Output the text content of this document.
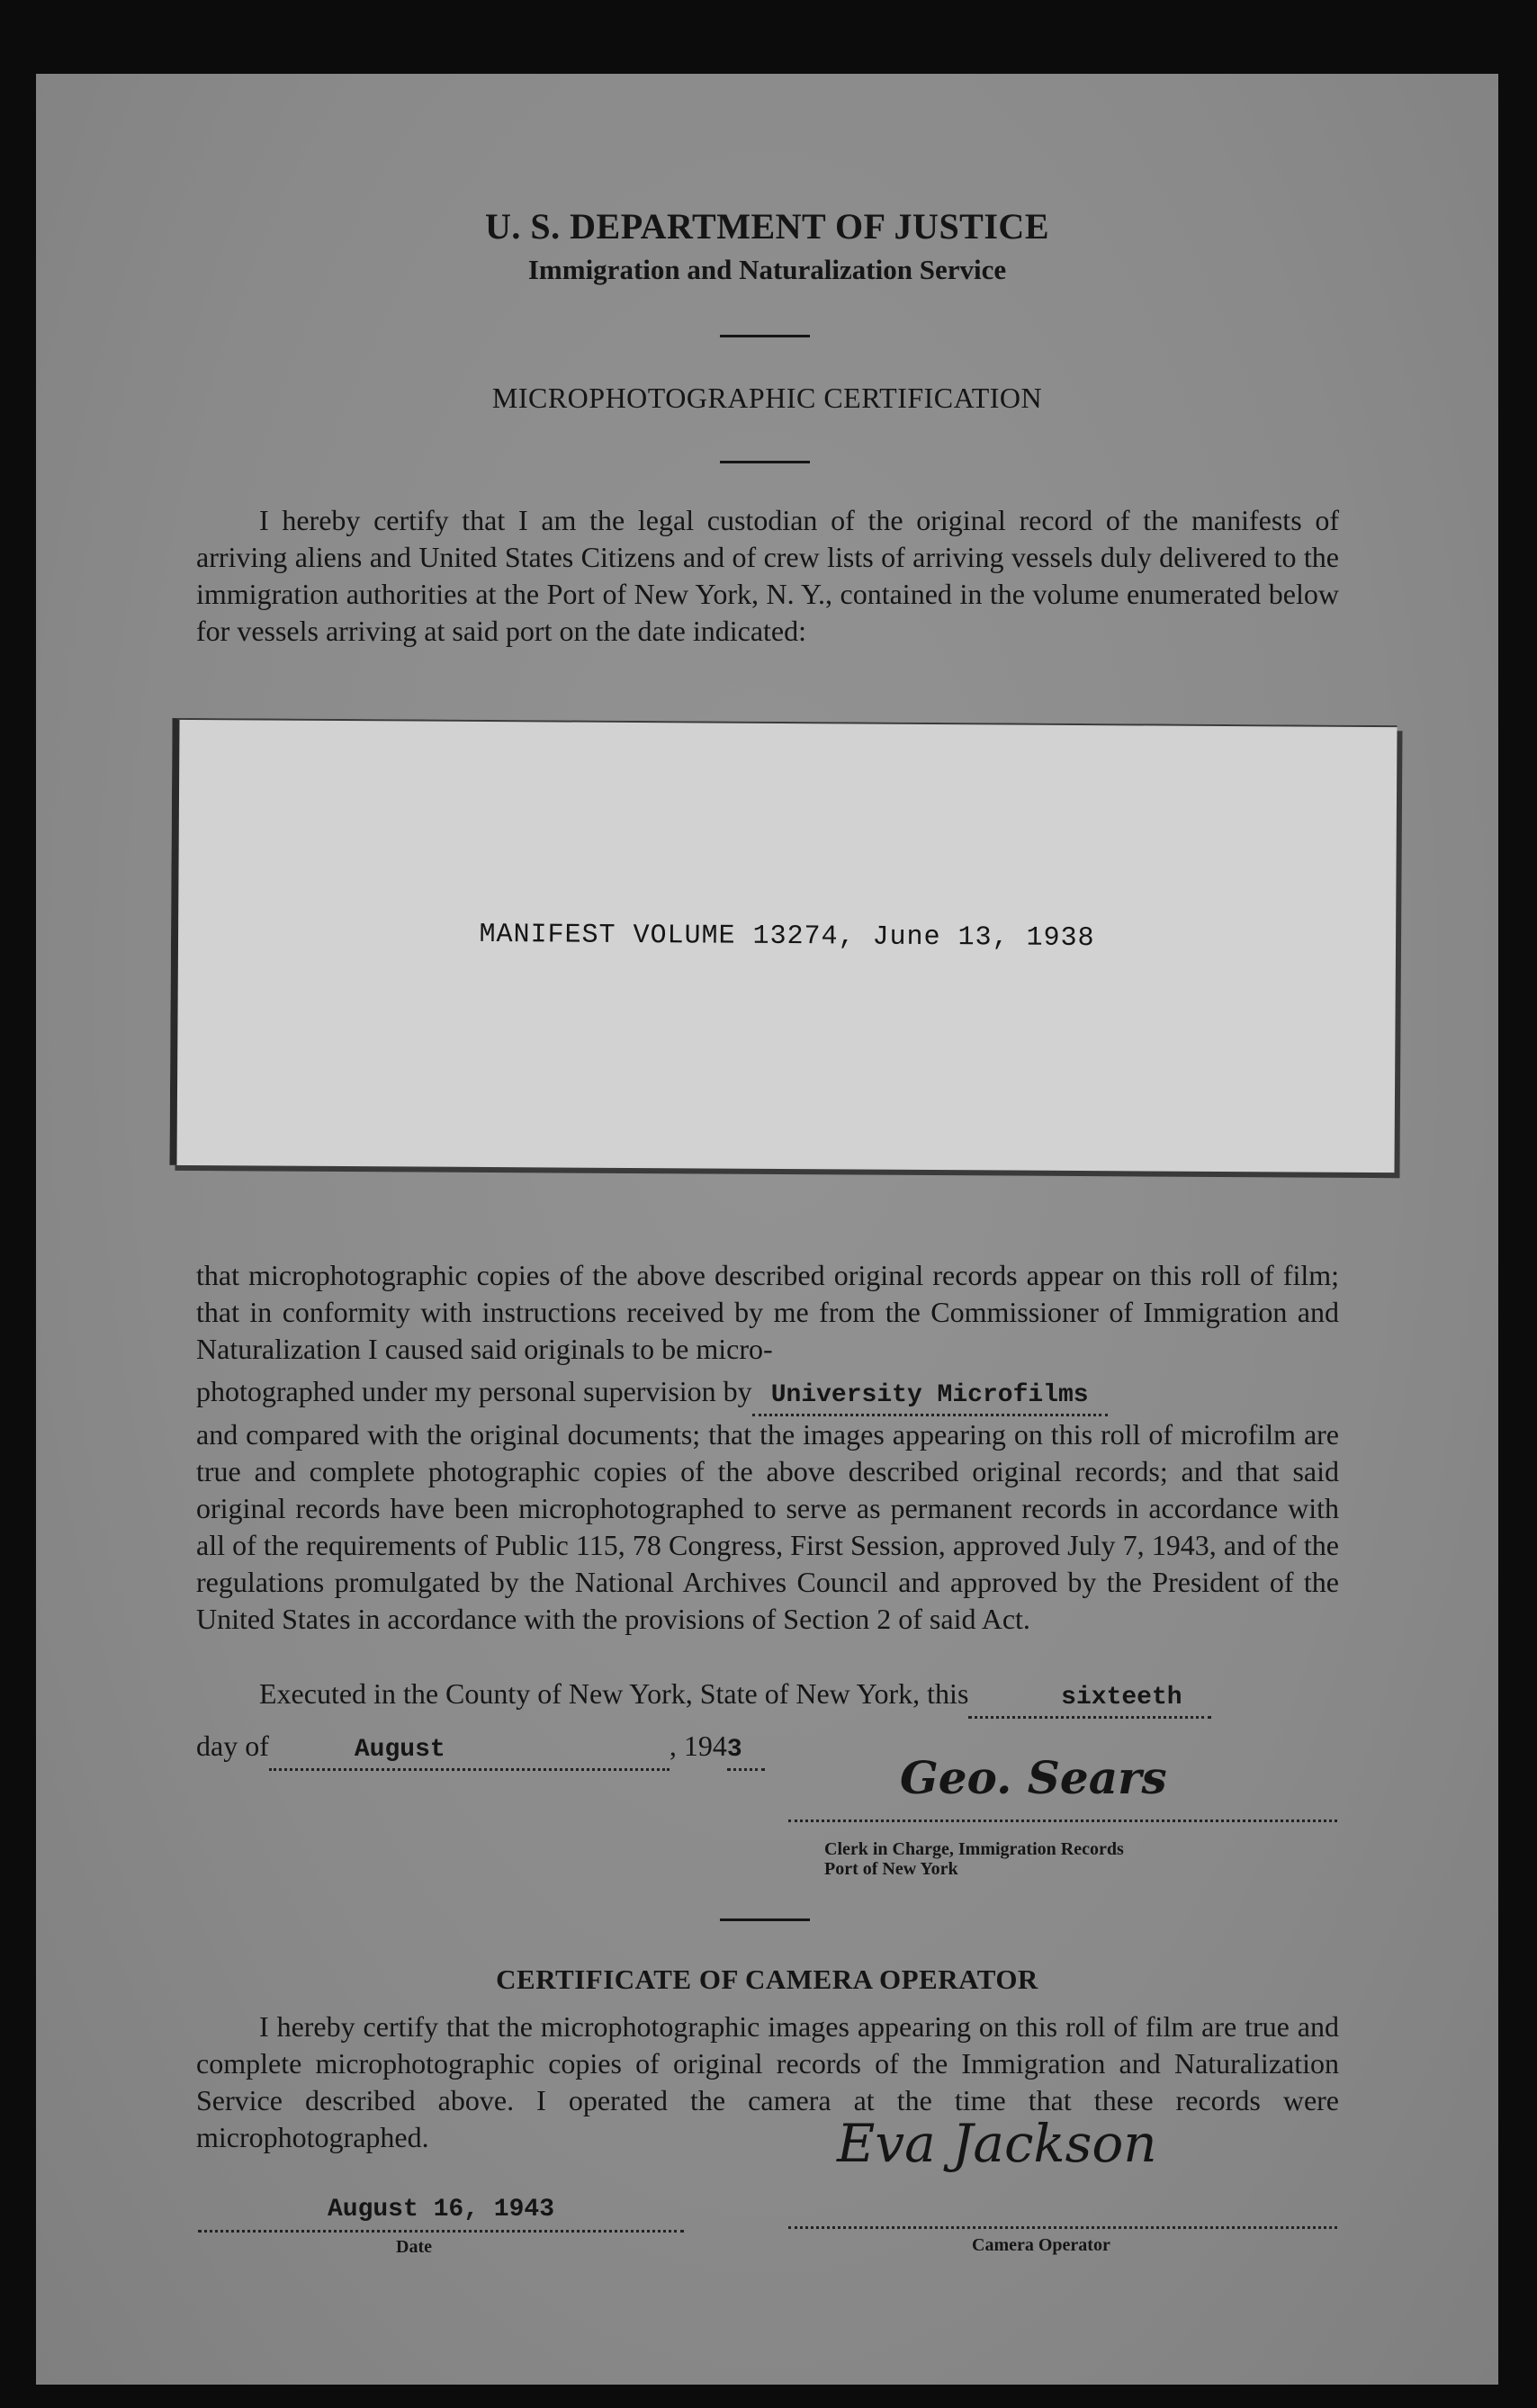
U. S. DEPARTMENT OF JUSTICE
Immigration and Naturalization Service
MICROPHOTOGRAPHIC CERTIFICATION

I hereby certify that I am the legal custodian of the original record of the manifests of arriving aliens and United States Citizens and of crew lists of arriving vessels duly delivered to the immigration authorities at the Port of New York, N. Y., contained in the volume enumerated below for vessels arriving at said port on the date indicated:

MANIFEST VOLUME 13274, June 13, 1938

that microphotographic copies of the above described original records appear on this roll of film; that in conformity with instructions received by me from the Commissioner of Immigration and Naturalization I caused said originals to be micro-

photographed under my personal supervision by University Microfilms

and compared with the original documents; that the images appearing on this roll of microfilm are true and complete photographic copies of the above described original records; and that said original records have been microphotographed to serve as permanent records in accordance with all of the requirements of Public 115, 78 Congress, First Session, approved July 7, 1943, and of the regulations promulgated by the National Archives Council and approved by the President of the United States in accordance with the provisions of Section 2 of said Act.

Executed in the County of New York, State of New York, this	sixteeth

day of	August	, 1943

Geo. Sears
Clerk in Charge, Immigration Records
Port of New York
CERTIFICATE OF CAMERA OPERATOR

I hereby certify that the microphotographic images appearing on this roll of film are true and complete microphotographic copies of original records of the Immigration and Naturalization Service described above. I operated the camera at the time that these records were microphotographed.	Eva Jackson
August 16, 1943
Date	Camera Operator
